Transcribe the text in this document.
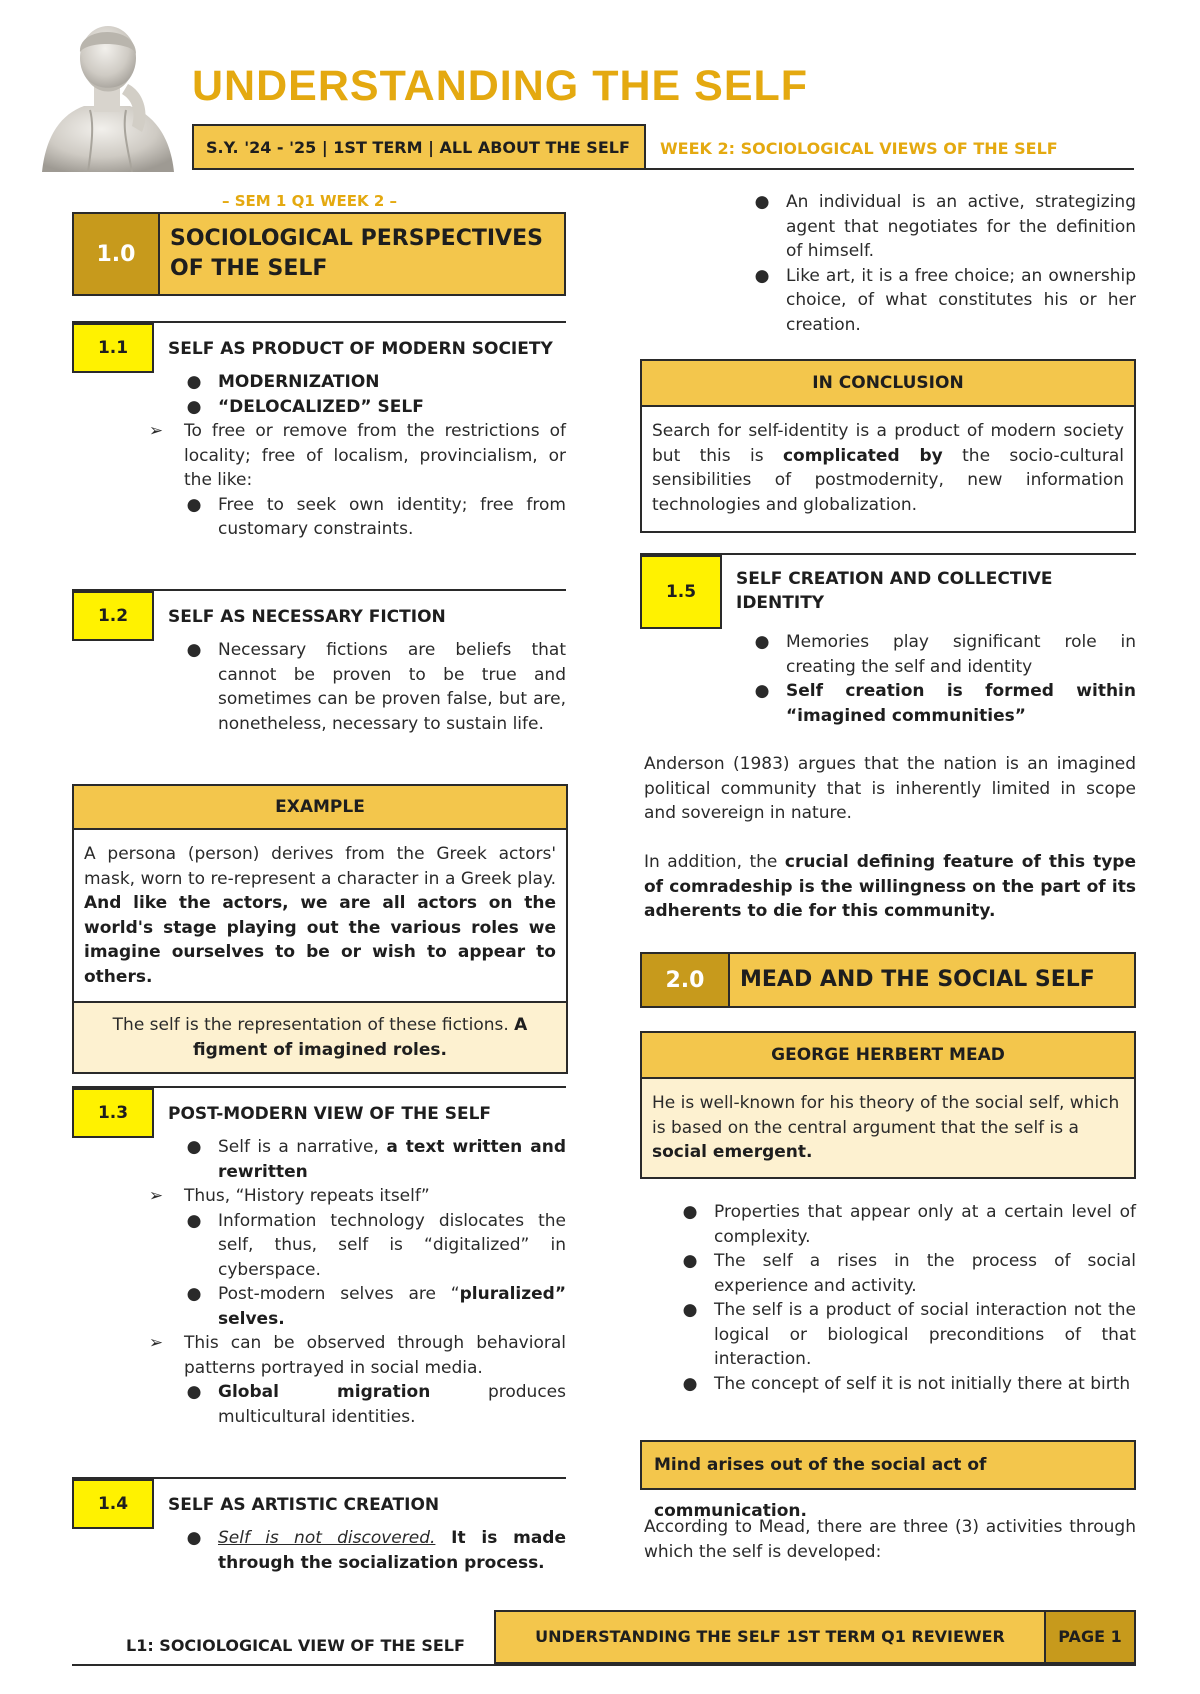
UNDERSTANDING THE SELF
S.Y. '24 - '25 | 1ST TERM | ALL ABOUT THE SELF	WEEK 2: SOCIOLOGICAL VIEWS OF THE SELF
– SEM 1 Q1 WEEK 2 –
1.0
SOCIOLOGICAL PERSPECTIVES
OF THE SELF
1.1	SELF AS PRODUCT OF MODERN SOCIETY
● MODERNIZATION
● “DELOCALIZED” SELF
➢ To free or remove from the restrictions of locality; free of localism, provincialism, or the like:
● Free to seek own identity; free from customary constraints.
1.2	SELF AS NECESSARY FICTION
● Necessary fictions are beliefs that cannot be proven to be true and sometimes can be proven false, but are, nonetheless, necessary to sustain life.
EXAMPLE
A persona (person) derives from the Greek actors' mask, worn to re-represent a character in a Greek play. And like the actors, we are all actors on the world's stage playing out the various roles we imagine ourselves to be or wish to appear to others.
The self is the representation of these fictions. A figment of imagined roles.
1.3	POST-MODERN VIEW OF THE SELF
● Self is a narrative, a text written and rewritten
➢ Thus, “History repeats itself”
● Information technology dislocates the self, thus, self is “digitalized” in cyberspace.
● Post-modern selves are “pluralized” selves.
➢ This can be observed through behavioral patterns portrayed in social media.
● Global migration produces multicultural identities.
1.4	SELF AS ARTISTIC CREATION
● Self is not discovered. It is made through the socialization process.
● An individual is an active, strategizing agent that negotiates for the definition of himself.
● Like art, it is a free choice; an ownership choice, of what constitutes his or her creation.
IN CONCLUSION
Search for self-identity is a product of modern society but this is complicated by the socio-cultural sensibilities of postmodernity, new information technologies and globalization.
1.5
SELF CREATION AND COLLECTIVE
IDENTITY
● Memories play significant role in creating the self and identity
● Self creation is formed within “imagined communities”
Anderson (1983) argues that the nation is an imagined political community that is inherently limited in scope and sovereign in nature.
In addition, the crucial defining feature of this type of comradeship is the willingness on the part of its adherents to die for this community.
2.0	MEAD AND THE SOCIAL SELF
GEORGE HERBERT MEAD
He is well-known for his theory of the social self, which is based on the central argument that the self is a social emergent.
● Properties that appear only at a certain level of complexity.
● The self a rises in the process of social experience and activity.
● The self is a product of social interaction not the logical or biological preconditions of that interaction.
● The concept of self it is not initially there at birth
Mind arises out of the social act of communication.
According to Mead, there are three (3) activities through which the self is developed:
L1: SOCIOLOGICAL VIEW OF THE SELF	UNDERSTANDING THE SELF 1ST TERM Q1 REVIEWER	PAGE 1
